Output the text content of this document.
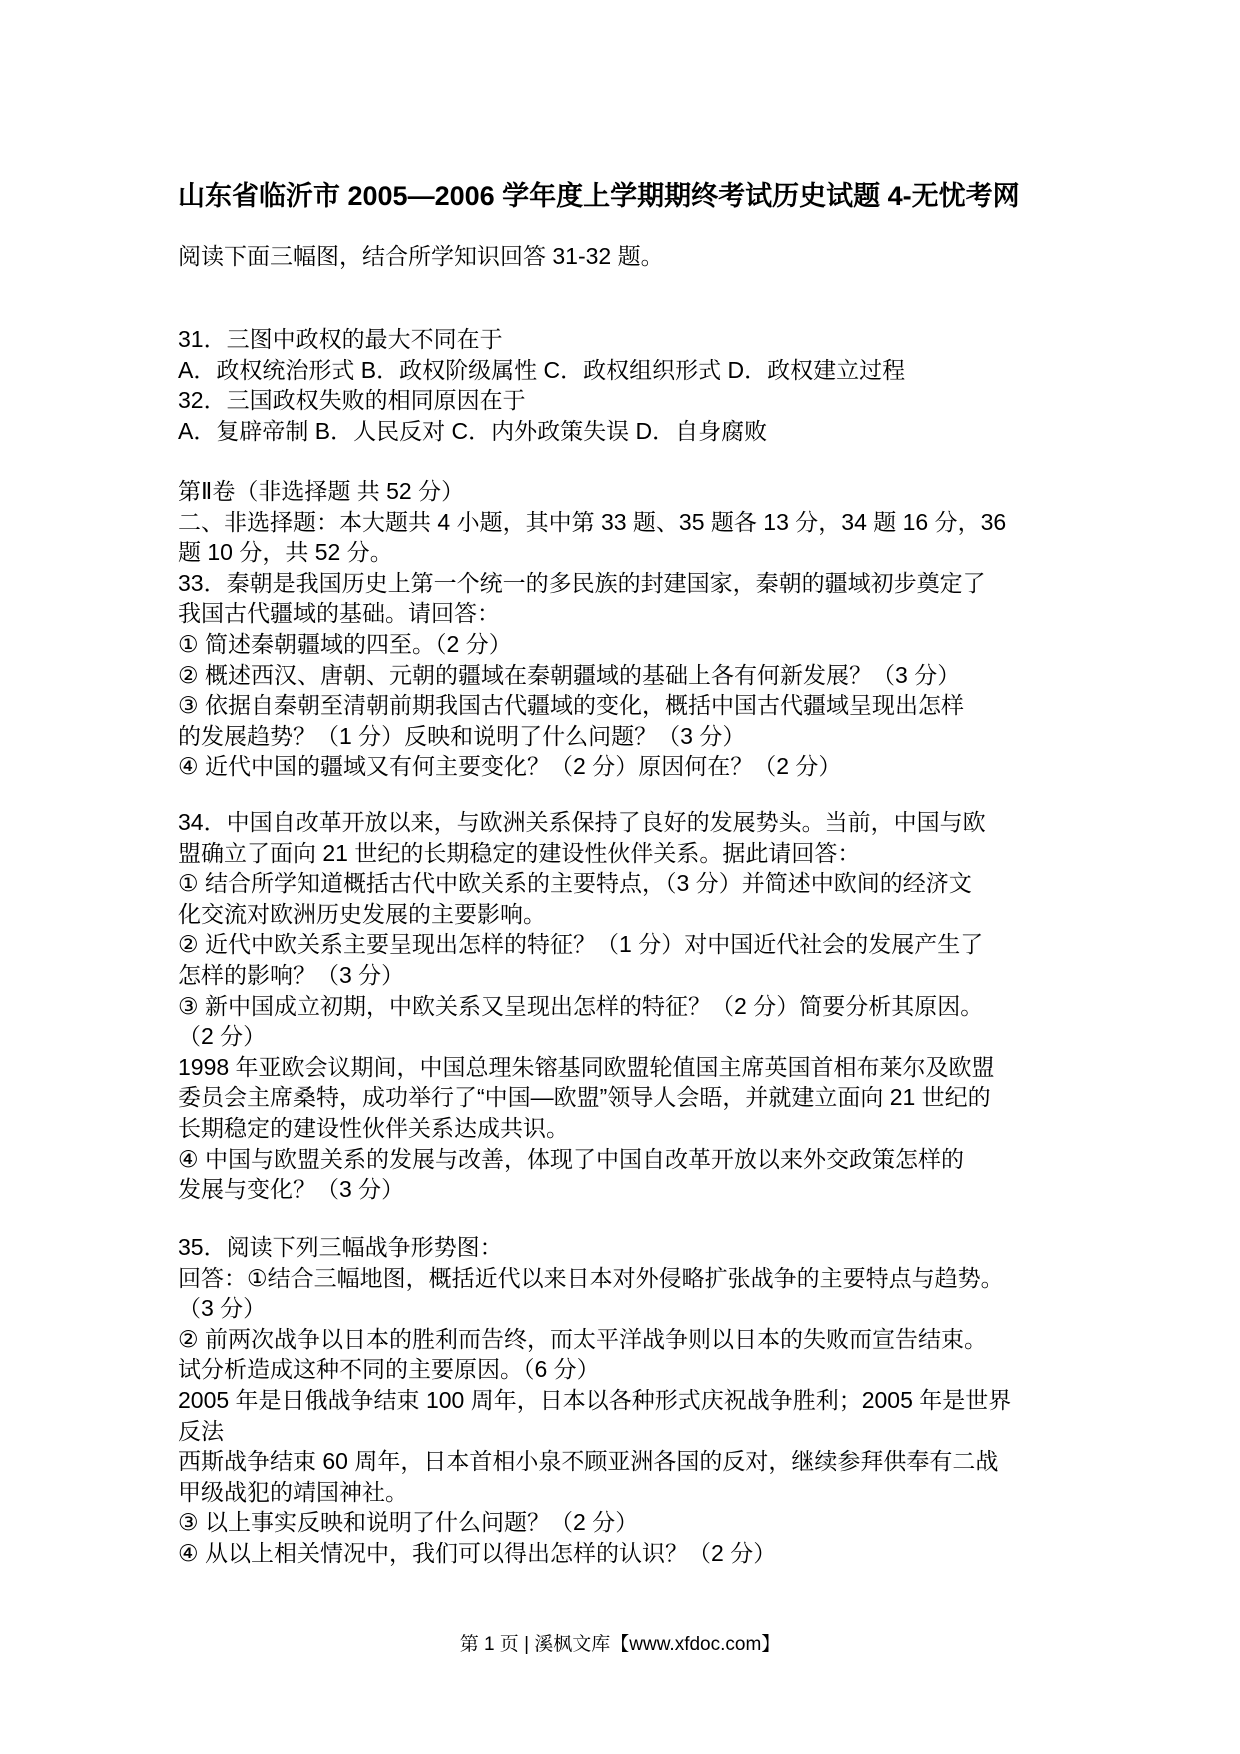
山东省临沂市 2005—2006 学年度上学期期终考试历史试题 4-无忧考网
阅读下面三幅图，结合所学知识回答 31-32 题。
31．三图中政权的最大不同在于
A．政权统治形式 B．政权阶级属性 C．政权组织形式 D．政权建立过程
32．三国政权失败的相同原因在于
A．复辟帝制 B．人民反对 C．内外政策失误 D．自身腐败
第Ⅱ卷（非选择题 共 52 分）
二、非选择题：本大题共 4 小题，其中第 33 题、35 题各 13 分，34 题 16 分，36
题 10 分，共 52 分。
33．秦朝是我国历史上第一个统一的多民族的封建国家，秦朝的疆域初步奠定了
我国古代疆域的基础。请回答：
① 简述秦朝疆域的四至。（2 分）
② 概述西汉、唐朝、元朝的疆域在秦朝疆域的基础上各有何新发展？（3 分）
③ 依据自秦朝至清朝前期我国古代疆域的变化，概括中国古代疆域呈现出怎样
的发展趋势？（1 分）反映和说明了什么问题？（3 分）
④ 近代中国的疆域又有何主要变化？（2 分）原因何在？（2 分）
34．中国自改革开放以来，与欧洲关系保持了良好的发展势头。当前，中国与欧
盟确立了面向 21 世纪的长期稳定的建设性伙伴关系。据此请回答：
① 结合所学知道概括古代中欧关系的主要特点，（3 分）并简述中欧间的经济文
化交流对欧洲历史发展的主要影响。
② 近代中欧关系主要呈现出怎样的特征？（1 分）对中国近代社会的发展产生了
怎样的影响？（3 分）
③ 新中国成立初期，中欧关系又呈现出怎样的特征？（2 分）简要分析其原因。
（2 分）
1998 年亚欧会议期间，中国总理朱镕基同欧盟轮值国主席英国首相布莱尔及欧盟
委员会主席桑特，成功举行了“中国—欧盟”领导人会晤，并就建立面向 21 世纪的
长期稳定的建设性伙伴关系达成共识。
④ 中国与欧盟关系的发展与改善，体现了中国自改革开放以来外交政策怎样的
发展与变化？（3 分）
35．阅读下列三幅战争形势图：
回答：①结合三幅地图，概括近代以来日本对外侵略扩张战争的主要特点与趋势。
（3 分）
② 前两次战争以日本的胜利而告终，而太平洋战争则以日本的失败而宣告结束。
试分析造成这种不同的主要原因。（6 分）
2005 年是日俄战争结束 100 周年，日本以各种形式庆祝战争胜利；2005 年是世界
反法
西斯战争结束 60 周年，日本首相小泉不顾亚洲各国的反对，继续参拜供奉有二战
甲级战犯的靖国神社。
③ 以上事实反映和说明了什么问题？（2 分）
④ 从以上相关情况中，我们可以得出怎样的认识？（2 分）
第 1 页 | 溪枫文库【www.xfdoc.com】
